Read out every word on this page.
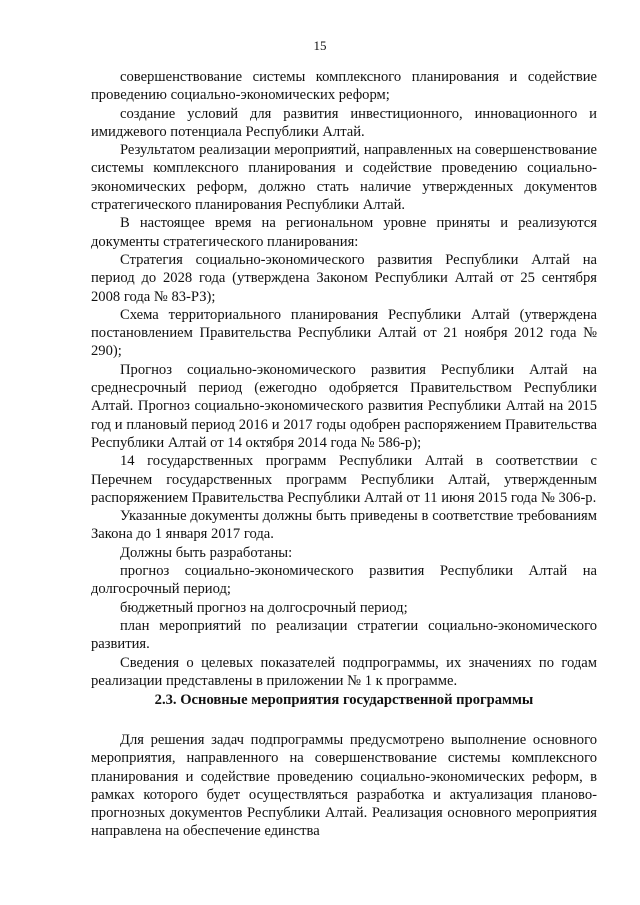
15

совершенствование системы комплексного планирования и содействие проведению социально-экономических реформ;

создание условий для развития инвестиционного, инновационного и имиджевого потенциала Республики Алтай.

Результатом реализации мероприятий, направленных на совершенствование системы комплексного планирования и содействие проведению социально-экономических реформ, должно стать наличие утвержденных документов стратегического планирования Республики Алтай.

В настоящее время на региональном уровне приняты и реализуются документы стратегического планирования:

Стратегия социально-экономического развития Республики Алтай на период до 2028 года (утверждена Законом Республики Алтай от 25 сентября 2008 года № 83-РЗ);

Схема территориального планирования Республики Алтай (утверждена постановлением Правительства Республики Алтай от 21 ноября 2012 года № 290);

Прогноз социально-экономического развития Республики Алтай на среднесрочный период (ежегодно одобряется Правительством Республики Алтай. Прогноз социально-экономического развития Республики Алтай на 2015 год и плановый период 2016 и 2017 годы одобрен распоряжением Правительства Республики Алтай от 14 октября 2014 года № 586-р);

14 государственных программ Республики Алтай в соответствии с Перечнем государственных программ Республики Алтай, утвержденным распоряжением Правительства Республики Алтай от 11 июня 2015 года № 306-р.

Указанные документы должны быть приведены в соответствие требованиям Закона до 1 января 2017 года.

Должны быть разработаны:

прогноз социально-экономического развития Республики Алтай на долгосрочный период;

бюджетный прогноз на долгосрочный период;

план мероприятий по реализации стратегии социально-экономического развития.

Сведения о целевых показателей подпрограммы, их значениях по годам реализации представлены в приложении № 1 к программе.

2.3. Основные мероприятия государственной программы

Для решения задач подпрограммы предусмотрено выполнение основного мероприятия, направленного на совершенствование системы комплексного планирования и содействие проведению социально-экономических реформ, в рамках которого будет осуществляться разработка и актуализация планово-прогнозных документов Республики Алтай. Реализация основного мероприятия направлена на обеспечение единства
